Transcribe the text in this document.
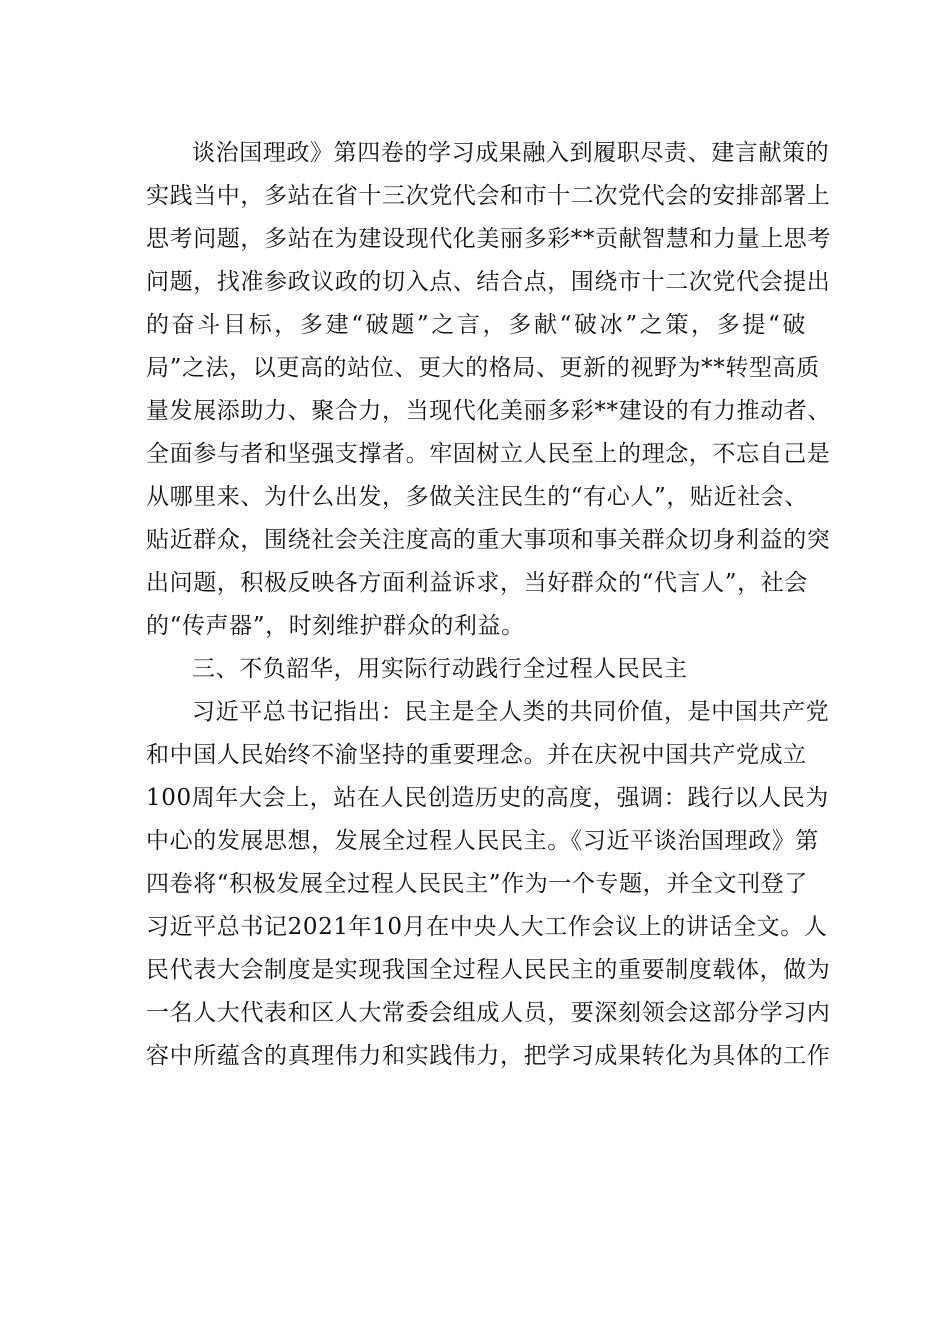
谈治国理政》第四卷的学习成果融入到履职尽责、建言献策的
实践当中，多站在省十三次党代会和市十二次党代会的安排部署上
思考问题，多站在为建设现代化美丽多彩**贡献智慧和力量上思考
问题，找准参政议政的切入点、结合点，围绕市十二次党代会提出
的奋斗目标，多建“破题”之言，多献“破冰”之策，多提“破
局”之法，以更高的站位、更大的格局、更新的视野为**转型高质
量发展添助力、聚合力，当现代化美丽多彩**建设的有力推动者、
全面参与者和坚强支撑者。牢固树立人民至上的理念，不忘自己是
从哪里来、为什么出发，多做关注民生的“有心人”，贴近社会、
贴近群众，围绕社会关注度高的重大事项和事关群众切身利益的突
出问题，积极反映各方面利益诉求，当好群众的“代言人”，社会
的“传声器”，时刻维护群众的利益。
三、不负韶华，用实际行动践行全过程人民民主
习近平总书记指出：民主是全人类的共同价值，是中国共产党
和中国人民始终不渝坚持的重要理念。并在庆祝中国共产党成立
100周年大会上，站在人民创造历史的高度，强调：践行以人民为
中心的发展思想，发展全过程人民民主。《习近平谈治国理政》第
四卷将“积极发展全过程人民民主”作为一个专题，并全文刊登了
习近平总书记2021年10月在中央人大工作会议上的讲话全文。人
民代表大会制度是实现我国全过程人民民主的重要制度载体，做为
一名人大代表和区人大常委会组成人员，要深刻领会这部分学习内
容中所蕴含的真理伟力和实践伟力，把学习成果转化为具体的工作
